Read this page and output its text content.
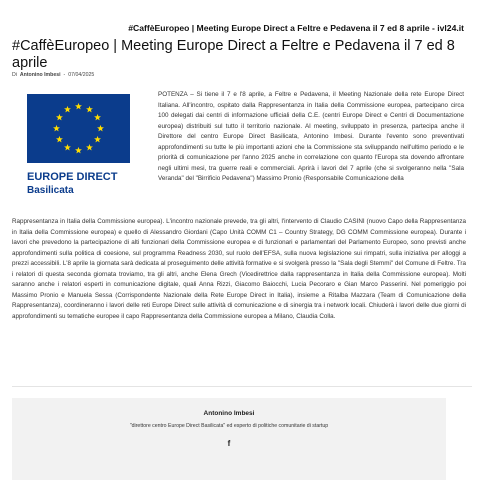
#CaffèEuropeo | Meeting Europe Direct a Feltre e Pedavena il 7 ed 8 aprile - ivl24.it
#CaffèEuropeo | Meeting Europe Direct a Feltre e Pedavena il 7 ed 8 aprile
Di Antonino Imbesi - 07/04/2025
EUROPE DIRECT
Basilicata

POTENZA – Si tiene il 7 e l'8 aprile, a Feltre e Pedavena, il Meeting Nazionale della rete Europe Direct Italiana. All'incontro, ospitato dalla Rappresentanza in Italia della Commissione europea, partecipano circa 100 delegati dai centri di informazione ufficiali della C.E. (centri Europe Direct e Centri di Documentazione europea) distribuiti sul tutto il territorio nazionale. Al meeting, sviluppato in presenza, partecipa anche il Direttore del centro Europe Direct Basilicata, Antonino Imbesi. Durante l'evento sono preventivati approfondimenti su tutte le più importanti azioni che la Commissione sta sviluppando nell'ultimo periodo e le priorità di comunicazione per l'anno 2025 anche in correlazione con quanto l'Europa sta dovendo affrontare negli ultimi mesi, tra guerre reali e commerciali. Aprirà i lavori del 7 aprile (che si svolgeranno nella "Sala Veranda" del "Birrificio Pedavena") Massimo Pronio (Responsabile Comunicazione della

Rappresentanza in Italia della Commissione europea). L'incontro nazionale prevede, tra gli altri, l'intervento di Claudio CASINI (nuovo Capo della Rappresentanza in Italia della Commissione europea) e quello di Alessandro Giordani (Capo Unità COMM C1 – Country Strategy, DG COMM Commissione europea). Durante i lavori che prevedono la partecipazione di alti funzionari della Commissione europea e di funzionari e parlamentari del Parlamento Europeo, sono previsti anche approfondimenti sulla politica di coesione, sul programma Readness 2030, sul ruolo dell'EFSA, sulla nuova legislazione sui rimpatri, sulla iniziativa per alloggi a prezzi accessibili. L'8 aprile la giornata sarà dedicata al proseguimento delle attività formative e si svolgerà presso la "Sala degli Stemmi" del Comune di Feltre. Tra i relatori di questa seconda giornata troviamo, tra gli altri, anche Elena Grech (Vicedirettrice dalla rappresentanza in Italia della Commissione europea). Molti saranno anche i relatori esperti in comunicazione digitale, quali Anna Rizzi, Giacomo Baiocchi, Lucia Pecoraro e Gian Marco Passerini. Nel pomeriggio poi Massimo Pronio e Manuela Sessa (Corrispondente Nazionale della Rete Europe Direct in Italia), insieme a Ritalba Mazzara (Team di Comunicazione della Rappresentanza), coordineranno i lavori delle reti Europe Direct sulle attività di comunicazione e di sinergia tra i network locali. Chiuderà i lavori delle due giorni di approfondimenti su tematiche europee il capo Rappresentanza della Commissione europea a Milano, Claudia Colla.

Antonino Imbesi
"direttore centro Europe Direct Basilicata" ed esperto di politiche comunitarie di startup
f
